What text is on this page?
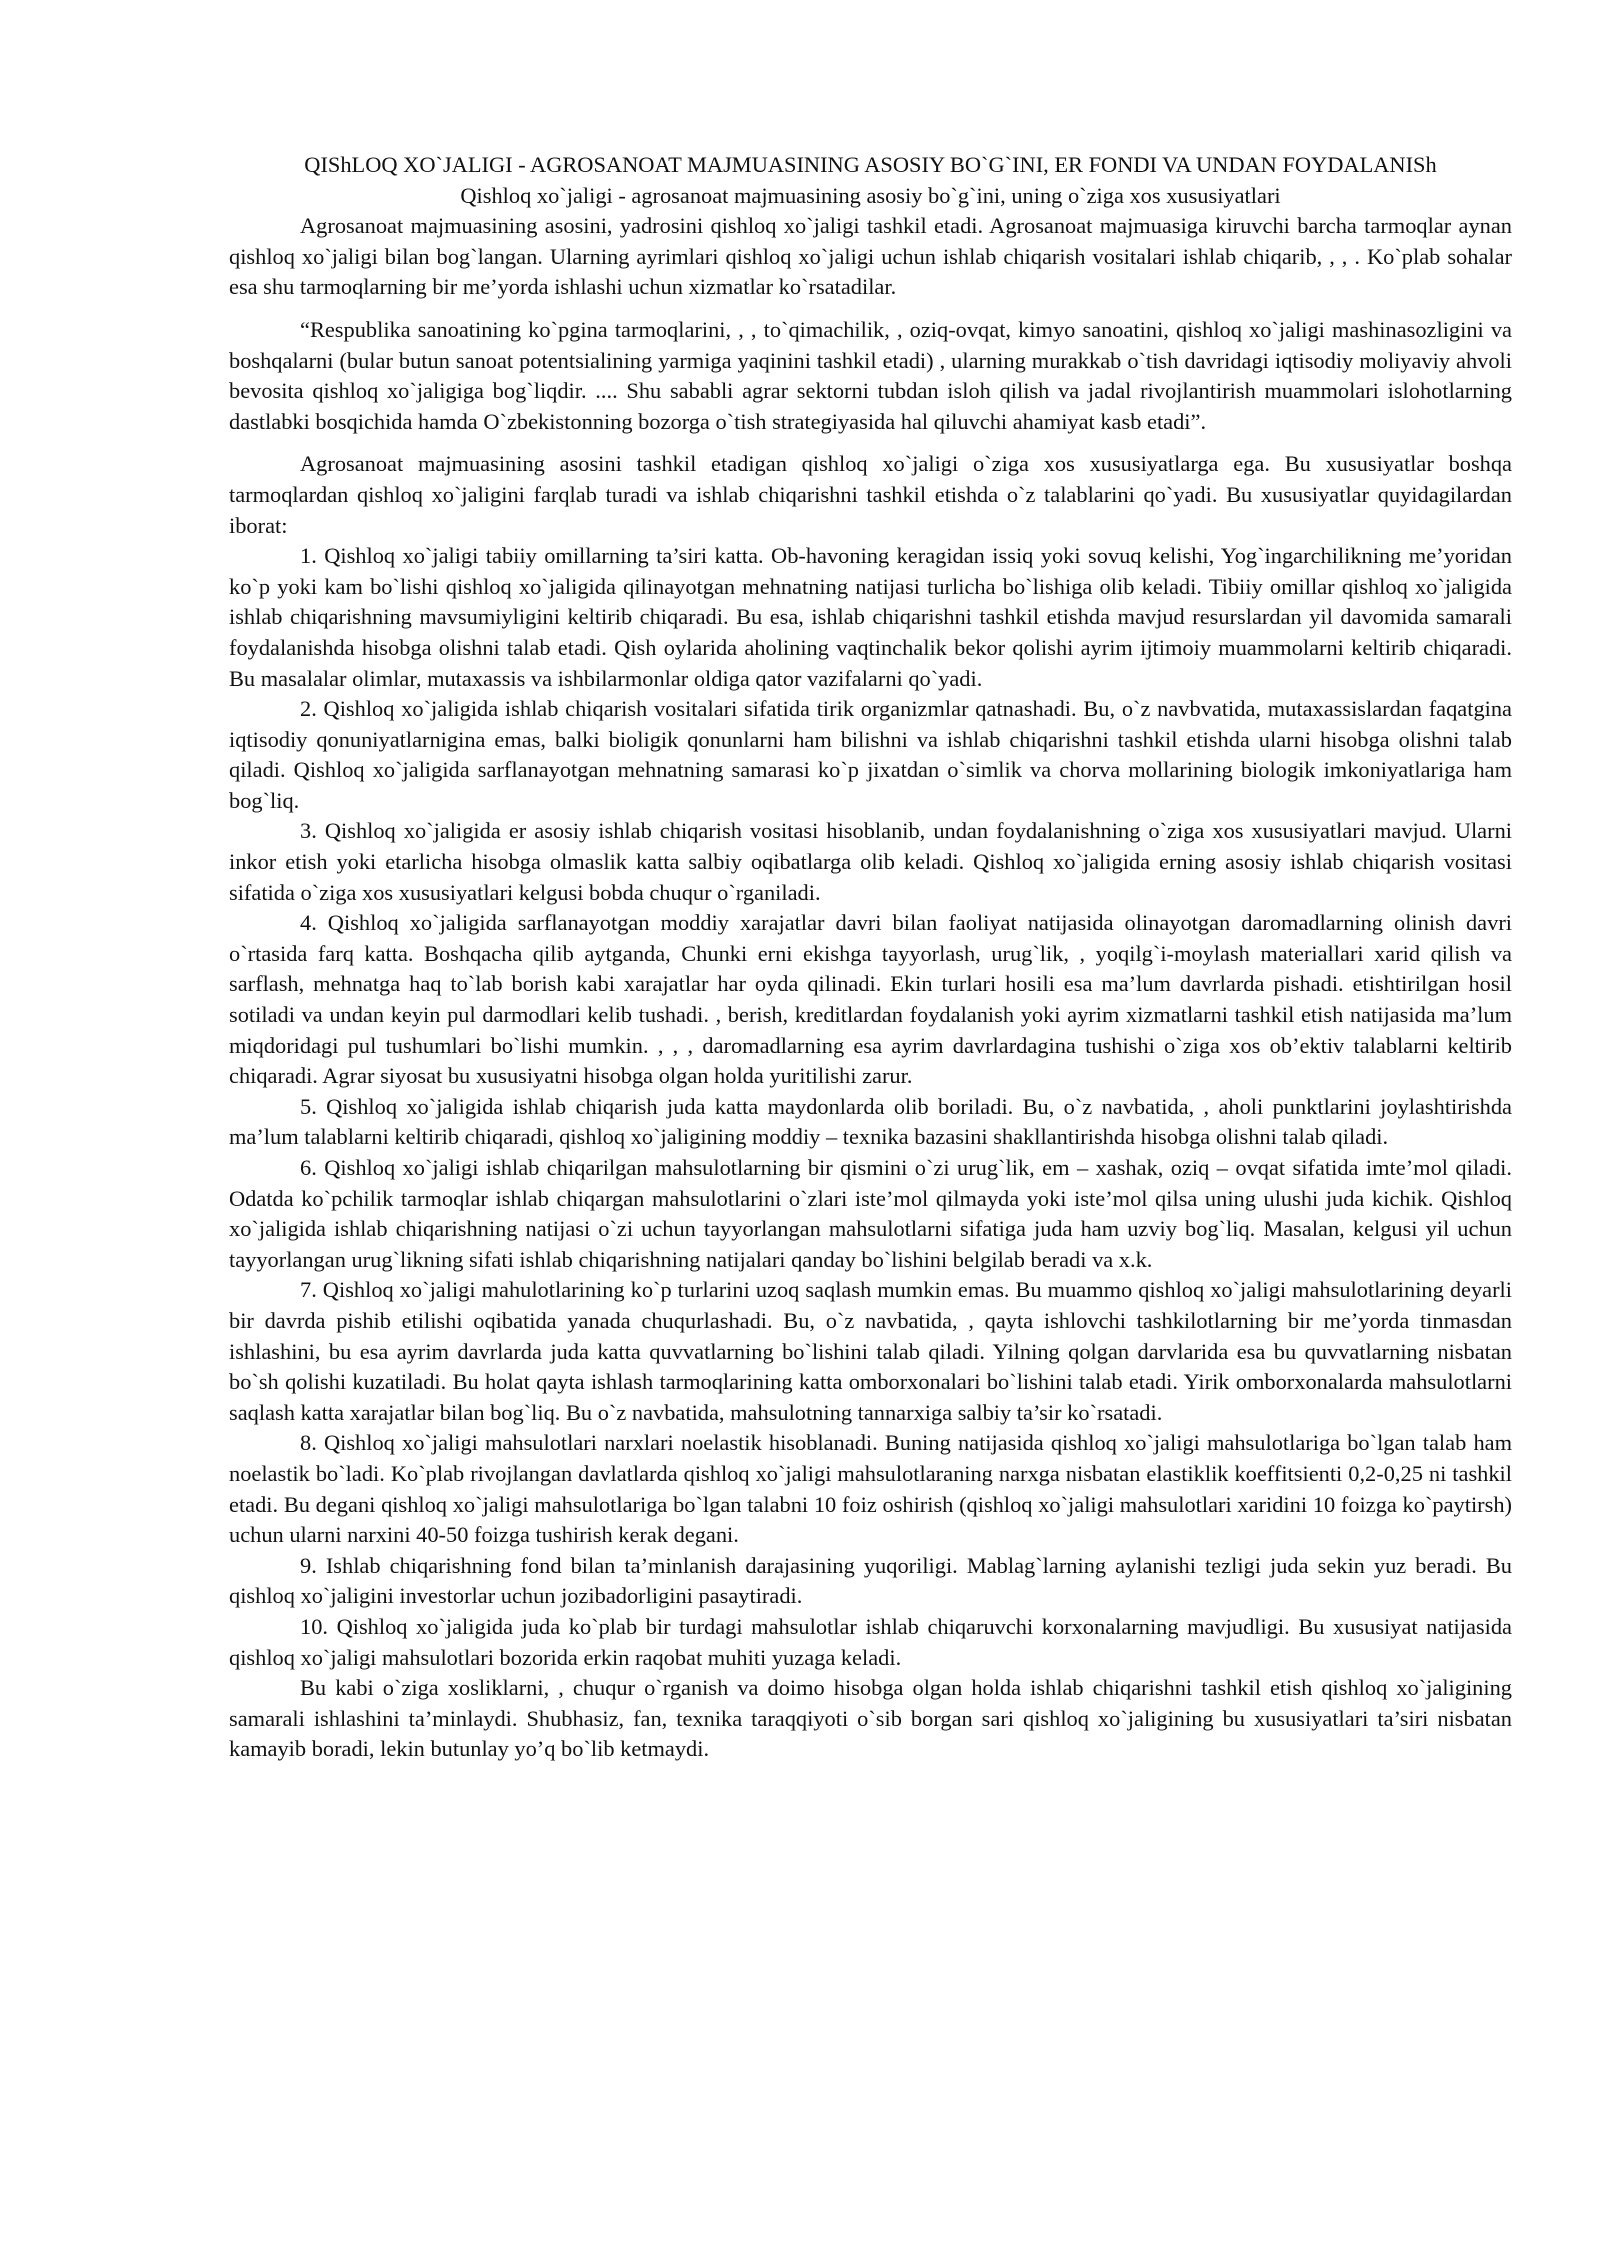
QIShLOQ XO`JALIGI - AGROSANOAT MAJMUASINING ASOSIY BO`G`INI, ER FONDI VA UNDAN FOYDALANISh
Qishloq xo`jaligi - agrosanoat majmuasining asosiy bo`g`ini, uning o`ziga xos xususiyatlari

Agrosanoat majmuasining asosini, yadrosini qishloq xo`jaligi tashkil etadi. Agrosanoat majmuasiga kiruvchi barcha tarmoqlar aynan qishloq xo`jaligi bilan bog`langan. Ularning ayrimlari qishloq xo`jaligi uchun ishlab chiqarish vositalari ishlab chiqarib, , , . Ko`plab sohalar esa shu tarmoqlarning bir me’yorda ishlashi uchun xizmatlar ko`rsatadilar.

“Respublika sanoatining ko`pgina tarmoqlarini, , , to`qimachilik, , oziq-ovqat, kimyo sanoatini, qishloq xo`jaligi mashinasozligini va boshqalarni (bular butun sanoat potentsialining yarmiga yaqinini tashkil etadi) , ularning murakkab o`tish davridagi iqtisodiy moliyaviy ahvoli bevosita qishloq xo`jaligiga bog`liqdir. .... Shu sababli agrar sektorni tubdan isloh qilish va jadal rivojlantirish muammolari islohotlarning dastlabki bosqichida hamda O`zbekistonning bozorga o`tish strategiyasida hal qiluvchi ahamiyat kasb etadi”.

Agrosanoat majmuasining asosini tashkil etadigan qishloq xo`jaligi o`ziga xos xususiyatlarga ega. Bu xususiyatlar boshqa tarmoqlardan qishloq xo`jaligini farqlab turadi va ishlab chiqarishni tashkil etishda o`z talablarini qo`yadi. Bu xususiyatlar quyidagilardan iborat:

1. Qishloq xo`jaligi tabiiy omillarning ta’siri katta. Ob-havoning keragidan issiq yoki sovuq kelishi, Yog`ingarchilikning me’yoridan ko`p yoki kam bo`lishi qishloq xo`jaligida qilinayotgan mehnatning natijasi turlicha bo`lishiga olib keladi. Tibiiy omillar qishloq xo`jaligida ishlab chiqarishning mavsumiyligini keltirib chiqaradi. Bu esa, ishlab chiqarishni tashkil etishda mavjud resurslardan yil davomida samarali foydalanishda hisobga olishni talab etadi. Qish oylarida aholining vaqtinchalik bekor qolishi ayrim ijtimoiy muammolarni keltirib chiqaradi. Bu masalalar olimlar, mutaxassis va ishbilarmonlar oldiga qator vazifalarni qo`yadi.

2. Qishloq xo`jaligida ishlab chiqarish vositalari sifatida tirik organizmlar qatnashadi. Bu, o`z navbvatida, mutaxassislardan faqatgina iqtisodiy qonuniyatlarnigina emas, balki bioligik qonunlarni ham bilishni va ishlab chiqarishni tashkil etishda ularni hisobga olishni talab qiladi. Qishloq xo`jaligida sarflanayotgan mehnatning samarasi ko`p jixatdan o`simlik va chorva mollarining biologik imkoniyatlariga ham bog`liq.

3. Qishloq xo`jaligida er asosiy ishlab chiqarish vositasi hisoblanib, undan foydalanishning o`ziga xos xususiyatlari mavjud. Ularni inkor etish yoki etarlicha hisobga olmaslik katta salbiy oqibatlarga olib keladi. Qishloq xo`jaligida erning asosiy ishlab chiqarish vositasi sifatida o`ziga xos xususiyatlari kelgusi bobda chuqur o`rganiladi.

4. Qishloq xo`jaligida sarflanayotgan moddiy xarajatlar davri bilan faoliyat natijasida olinayotgan daromadlarning olinish davri o`rtasida farq katta. Boshqacha qilib aytganda, Chunki erni ekishga tayyorlash, urug`lik, , yoqilg`i-moylash materiallari xarid qilish va sarflash, mehnatga haq to`lab borish kabi xarajatlar har oyda qilinadi. Ekin turlari hosili esa ma’lum davrlarda pishadi. etishtirilgan hosil sotiladi va undan keyin pul darmodlari kelib tushadi. , berish, kreditlardan foydalanish yoki ayrim xizmatlarni tashkil etish natijasida ma’lum miqdoridagi pul tushumlari bo`lishi mumkin. , , , daromadlarning esa ayrim davrlardagina tushishi o`ziga xos ob’ektiv talablarni keltirib chiqaradi. Agrar siyosat bu xususiyatni hisobga olgan holda yuritilishi zarur.

5. Qishloq xo`jaligida ishlab chiqarish juda katta maydonlarda olib boriladi. Bu, o`z navbatida, , aholi punktlarini joylashtirishda ma’lum talablarni keltirib chiqaradi, qishloq xo`jaligining moddiy – texnika bazasini shakllantirishda hisobga olishni talab qiladi.

6. Qishloq xo`jaligi ishlab chiqarilgan mahsulotlarning bir qismini o`zi urug`lik, em – xashak, oziq – ovqat sifatida imte’mol qiladi. Odatda ko`pchilik tarmoqlar ishlab chiqargan mahsulotlarini o`zlari iste’mol qilmayda yoki iste’mol qilsa uning ulushi juda kichik. Qishloq xo`jaligida ishlab chiqarishning natijasi o`zi uchun tayyorlangan mahsulotlarni sifatiga juda ham uzviy bog`liq. Masalan, kelgusi yil uchun tayyorlangan urug`likning sifati ishlab chiqarishning natijalari qanday bo`lishini belgilab beradi va x.k.

7. Qishloq xo`jaligi mahulotlarining ko`p turlarini uzoq saqlash mumkin emas. Bu muammo qishloq xo`jaligi mahsulotlarining deyarli bir davrda pishib etilishi oqibatida yanada chuqurlashadi. Bu, o`z navbatida, , qayta ishlovchi tashkilotlarning bir me’yorda tinmasdan ishlashini, bu esa ayrim davrlarda juda katta quvvatlarning bo`lishini talab qiladi. Yilning qolgan darvlarida esa bu quvvatlarning nisbatan bo`sh qolishi kuzatiladi. Bu holat qayta ishlash tarmoqlarining katta omborxonalari bo`lishini talab etadi. Yirik omborxonalarda mahsulotlarni saqlash katta xarajatlar bilan bog`liq. Bu o`z navbatida, mahsulotning tannarxiga salbiy ta’sir ko`rsatadi.

8. Qishloq xo`jaligi mahsulotlari narxlari noelastik hisoblanadi. Buning natijasida qishloq xo`jaligi mahsulotlariga bo`lgan talab ham noelastik bo`ladi. Ko`plab rivojlangan davlatlarda qishloq xo`jaligi mahsulotlaraning narxga nisbatan elastiklik koeffitsienti 0,2-0,25 ni tashkil etadi. Bu degani qishloq xo`jaligi mahsulotlariga bo`lgan talabni 10 foiz oshirish (qishloq xo`jaligi mahsulotlari xaridini 10 foizga ko`paytirsh) uchun ularni narxini 40-50 foizga tushirish kerak degani.

9. Ishlab chiqarishning fond bilan ta’minlanish darajasining yuqoriligi. Mablag`larning aylanishi tezligi juda sekin yuz beradi. Bu qishloq xo`jaligini investorlar uchun jozibadorligini pasaytiradi.

10. Qishloq xo`jaligida juda ko`plab bir turdagi mahsulotlar ishlab chiqaruvchi korxonalarning mavjudligi. Bu xususiyat natijasida qishloq xo`jaligi mahsulotlari bozorida erkin raqobat muhiti yuzaga keladi.

Bu kabi o`ziga xosliklarni, , chuqur o`rganish va doimo hisobga olgan holda ishlab chiqarishni tashkil etish qishloq xo`jaligining samarali ishlashini ta’minlaydi. Shubhasiz, fan, texnika taraqqiyoti o`sib borgan sari qishloq xo`jaligining bu xususiyatlari ta’siri nisbatan kamayib boradi, lekin butunlay yo’q bo`lib ketmaydi.
